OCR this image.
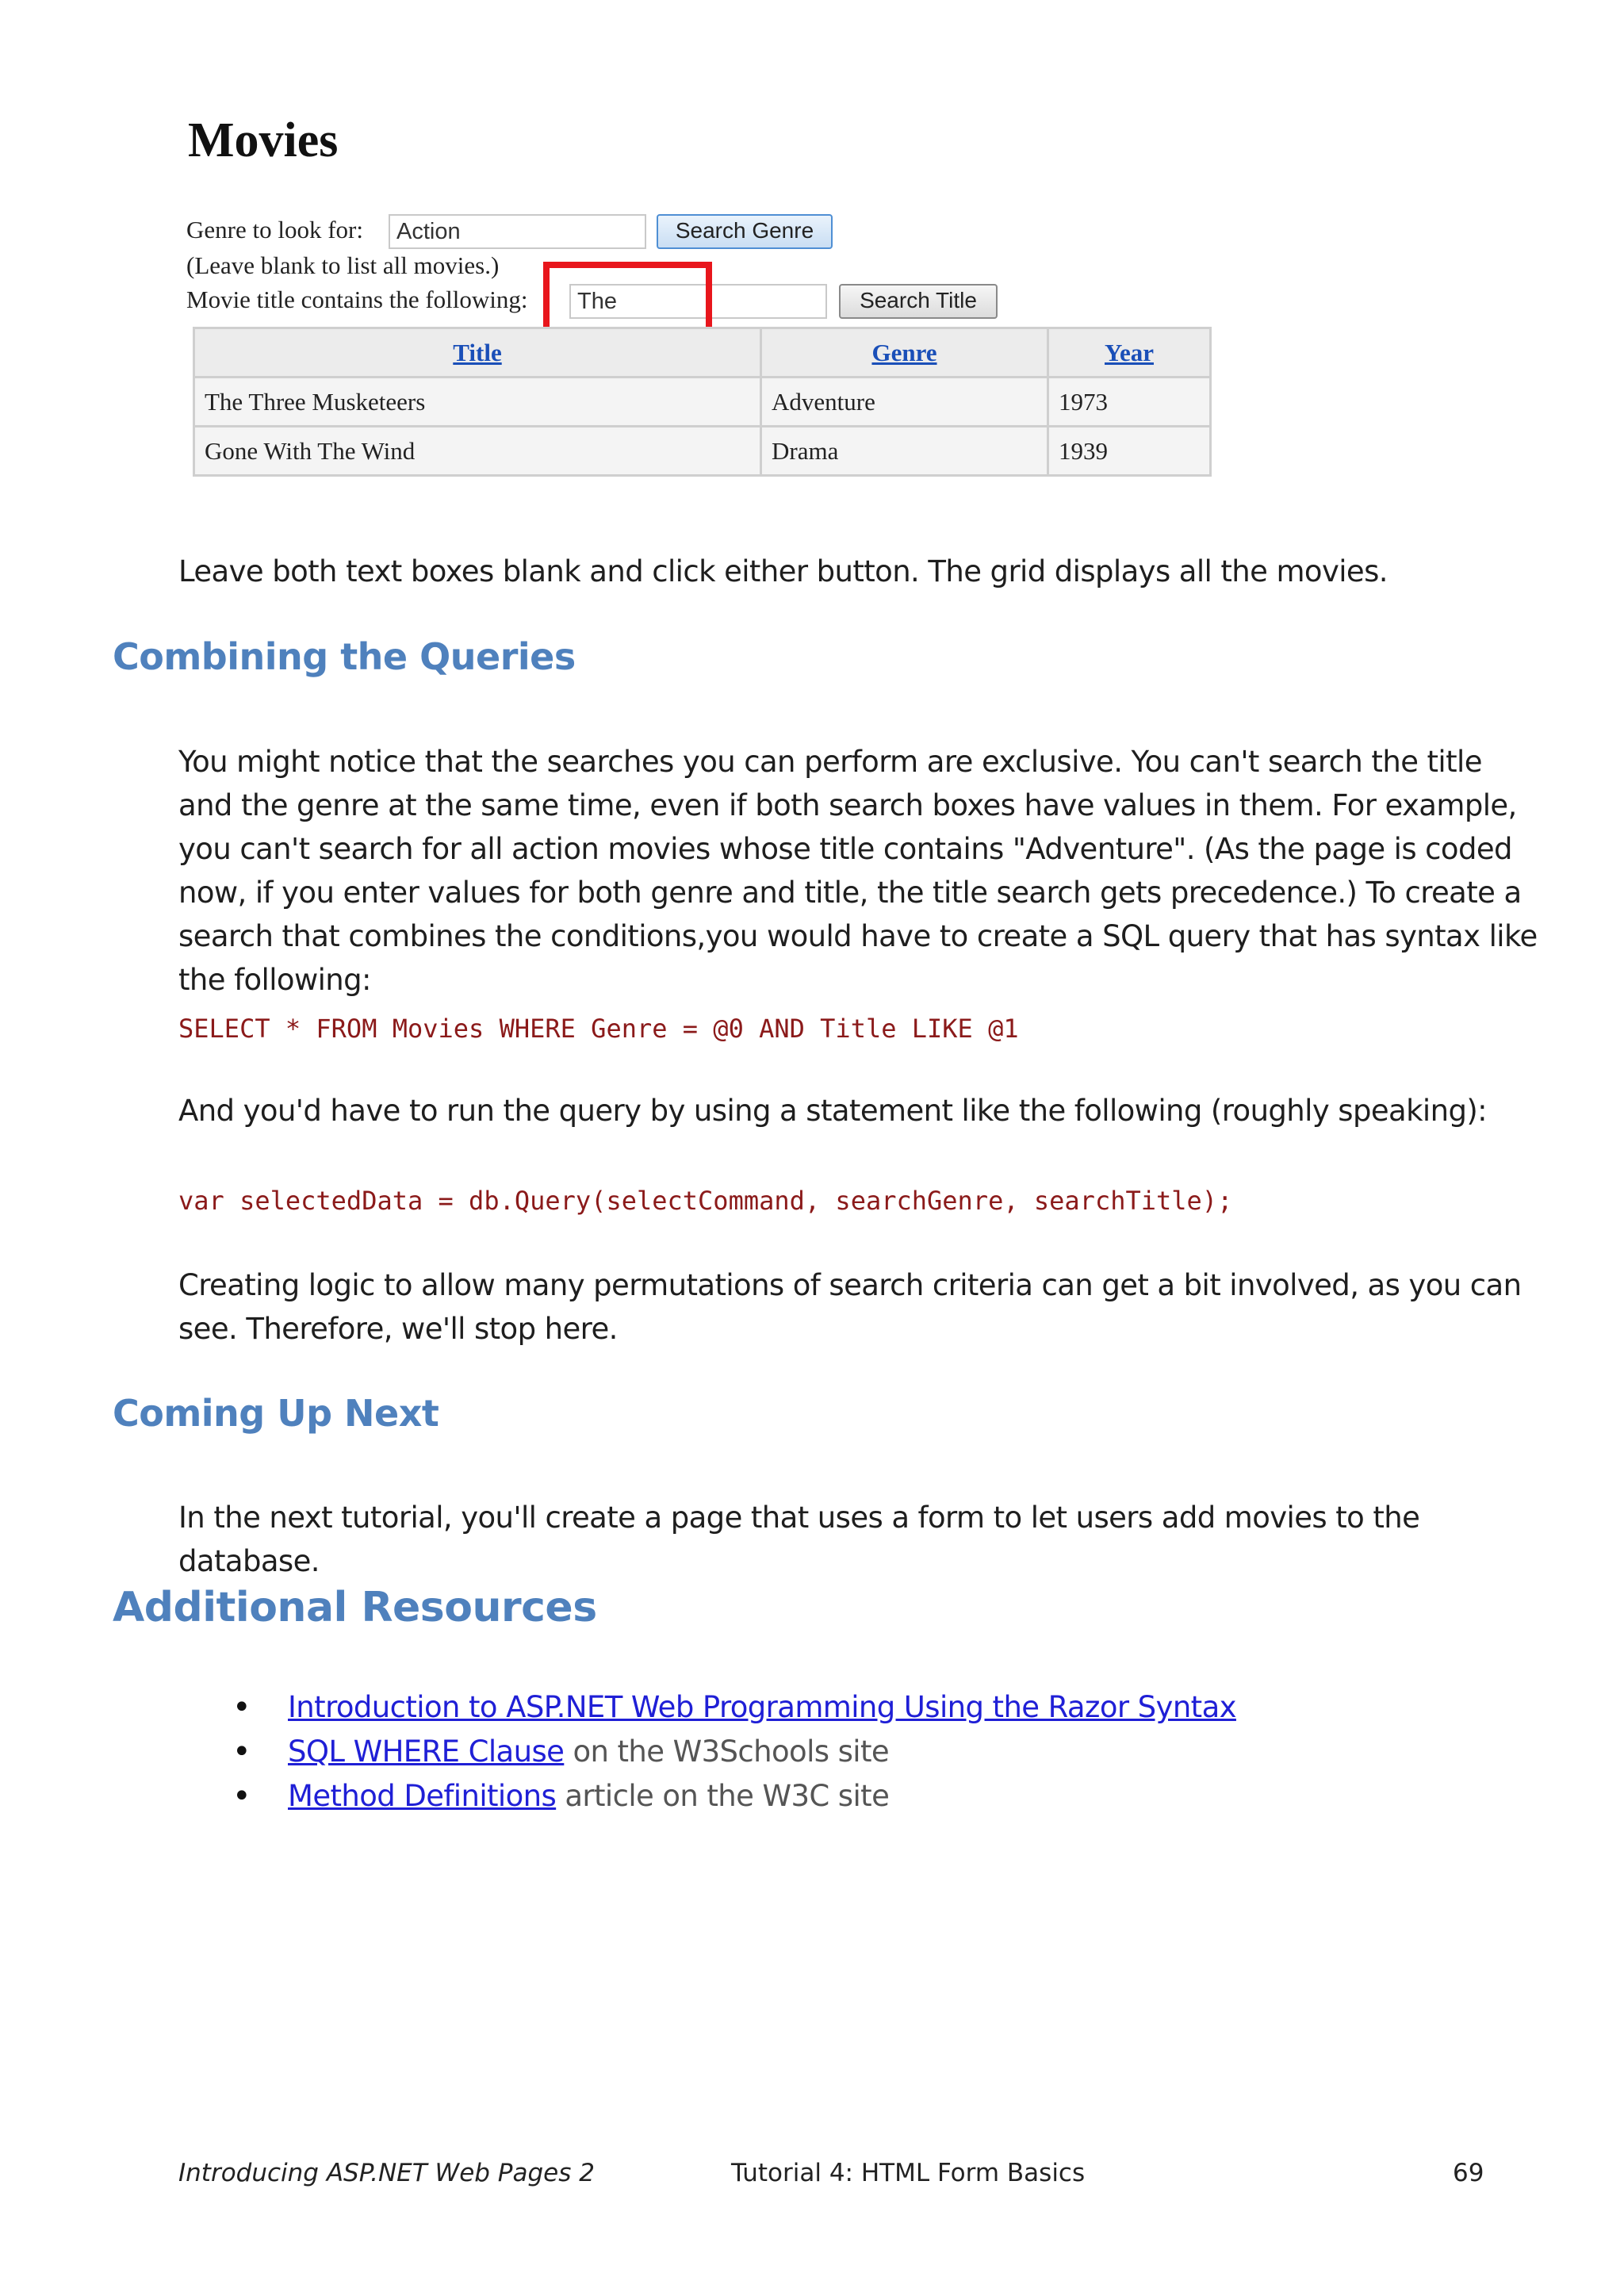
Movies
Genre to look for:	Action	Search Genre
(Leave blank to list all movies.)
Movie title contains the following:	The	Search Title
Title	Genre	Year
The Three Musketeers	Adventure	1973
Gone With The Wind	Drama	1939
Leave both text boxes blank and click either button. The grid displays all the movies.
Combining the Queries
You might notice that the searches you can perform are exclusive. You can't search the title and the genre at the same time, even if both search boxes have values in them. For example, you can't search for all action movies whose title contains "Adventure". (As the page is coded now, if you enter values for both genre and title, the title search gets precedence.) To create a search that combines the conditions,you would have to create a SQL query that has syntax like the following:
SELECT * FROM Movies WHERE Genre = @0 AND Title LIKE @1
And you'd have to run the query by using a statement like the following (roughly speaking):
var selectedData = db.Query(selectCommand, searchGenre, searchTitle);
Creating logic to allow many permutations of search criteria can get a bit involved, as you can see. Therefore, we'll stop here.
Coming Up Next
In the next tutorial, you'll create a page that uses a form to let users add movies to the database.
Additional Resources
• Introduction to ASP.NET Web Programming Using the Razor Syntax
• SQL WHERE Clause on the W3Schools site
• Method Definitions article on the W3C site
Introducing ASP.NET Web Pages 2	Tutorial 4: HTML Form Basics	69
